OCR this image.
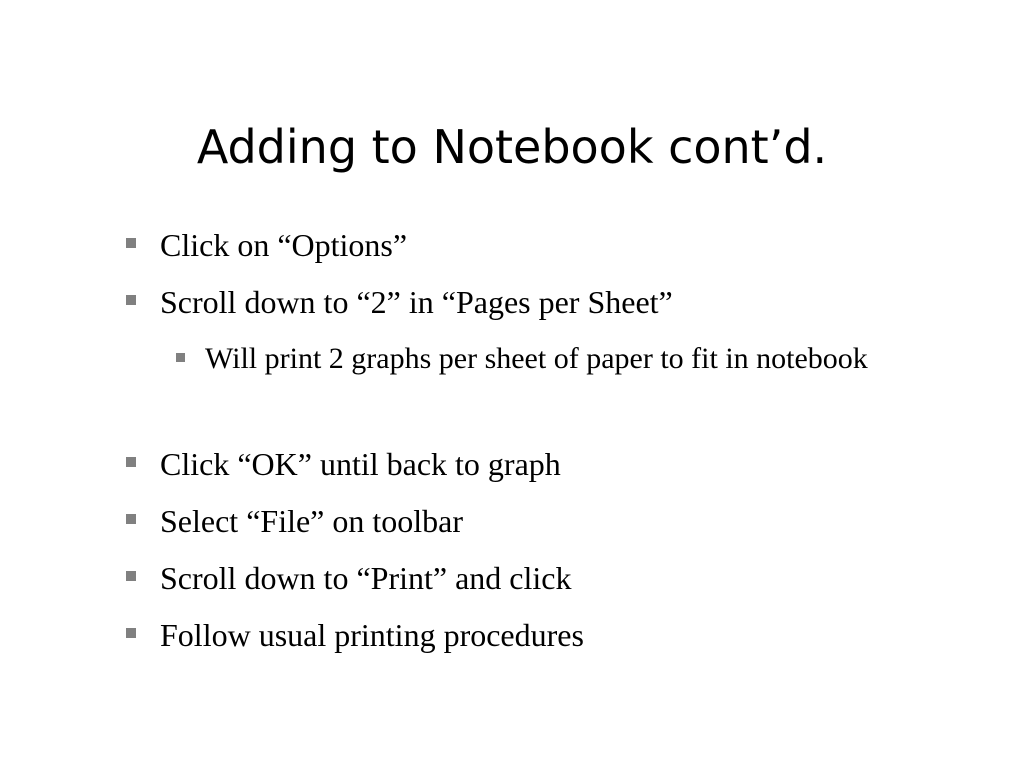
Adding to Notebook cont’d.
Click on “Options”
Scroll down to “2” in “Pages per Sheet”
Will print 2 graphs per sheet of paper to fit in notebook
Click “OK” until back to graph
Select “File” on toolbar
Scroll down to “Print” and click
Follow usual printing procedures
